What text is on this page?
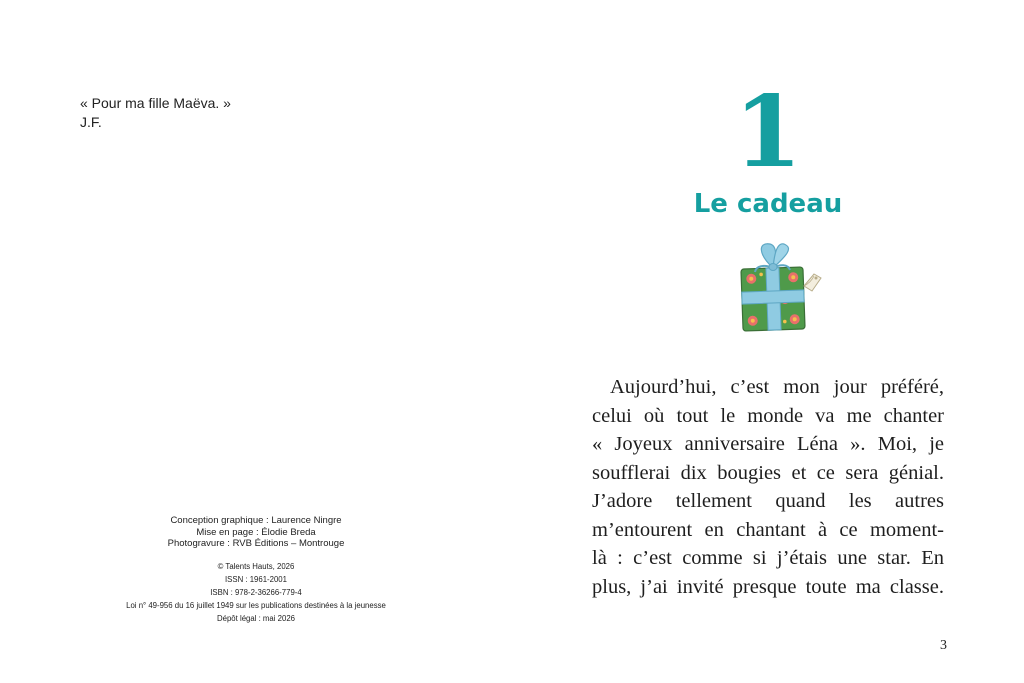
« Pour ma fille Maëva. »
J.F.
Conception graphique : Laurence Ningre
Mise en page : Élodie Breda
Photogravure : RVB Éditions – Montrouge
© Talents Hauts, 2026
ISSN : 1961-2001
ISBN : 978-2-36266-779-4
Loi n° 49-956 du 16 juillet 1949 sur les publications destinées à la jeunesse
Dépôt légal : mai 2026
1
Le cadeau
Aujourd’hui, c’est mon jour préféré,
celui où tout le monde va me chanter
« Joyeux anniversaire Léna ». Moi, je
soufflerai dix bougies et ce sera génial.
J’adore tellement quand les autres
m’entourent en chantant à ce moment-
là : c’est comme si j’étais une star. En
plus, j’ai invité presque toute ma classe.
3
